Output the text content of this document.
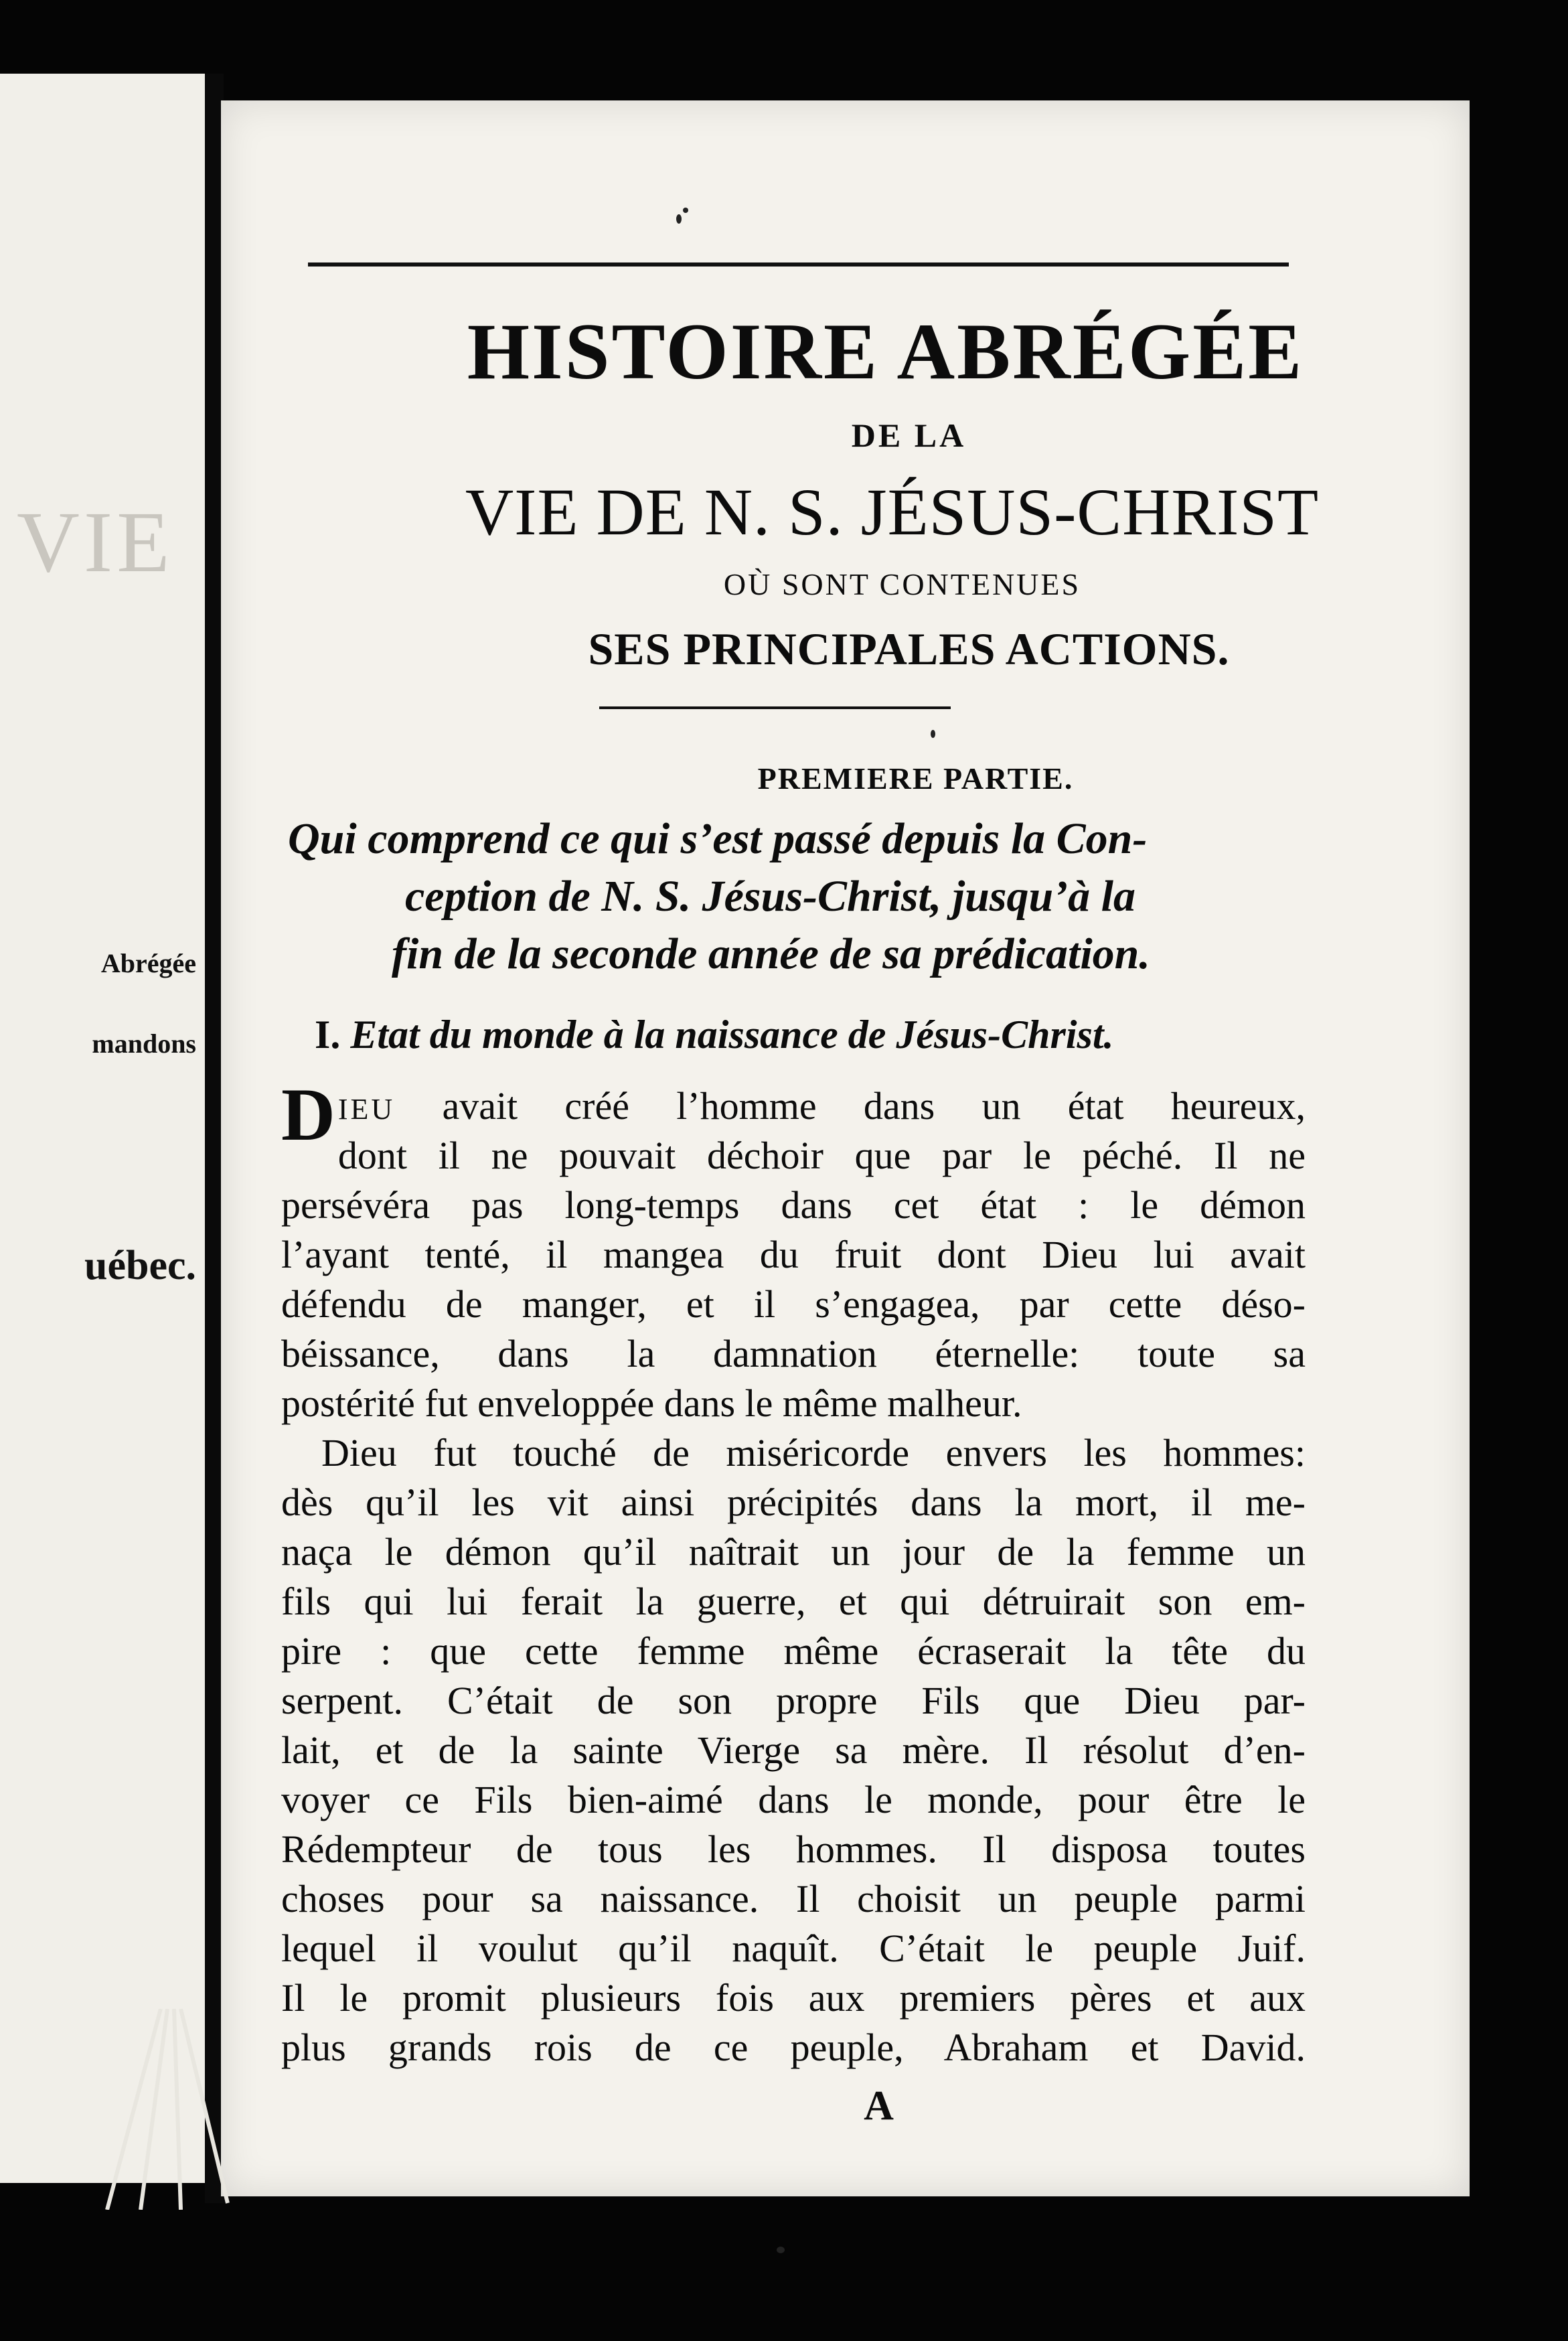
VIE
Abrégée
mandons
uébec.
HISTOIRE ABRÉGÉE
DE LA
VIE DE N. S. JÉSUS-CHRIST
OÙ SONT CONTENUES
SES PRINCIPALES ACTIONS.
PREMIERE PARTIE.
Qui comprend ce qui s’est passé depuis la Con-
ception de N. S. Jésus-Christ, jusqu’à la
fin de la seconde année de sa prédication.
I. Etat du monde à la naissance de Jésus-Christ.
DIEU avait créé l’homme dans un état heureux,
dont il ne pouvait déchoir que par le péché. Il ne
persévéra pas long-temps dans cet état : le démon
l’ayant tenté, il mangea du fruit dont Dieu lui avait
défendu de manger, et il s’engagea, par cette déso-
béissance, dans la damnation éternelle: toute sa
postérité fut enveloppée dans le même malheur.
Dieu fut touché de miséricorde envers les hommes:
dès qu’il les vit ainsi précipités dans la mort, il me-
naça le démon qu’il naîtrait un jour de la femme un
fils qui lui ferait la guerre, et qui détruirait son em-
pire : que cette femme même écraserait la tête du
serpent. C’était de son propre Fils que Dieu par-
lait, et de la sainte Vierge sa mère. Il résolut d’en-
voyer ce Fils bien-aimé dans le monde, pour être le
Rédempteur de tous les hommes. Il disposa toutes
choses pour sa naissance. Il choisit un peuple parmi
lequel il voulut qu’il naquît. C’était le peuple Juif.
Il le promit plusieurs fois aux premiers pères et aux
plus grands rois de ce peuple, Abraham et David.
A
